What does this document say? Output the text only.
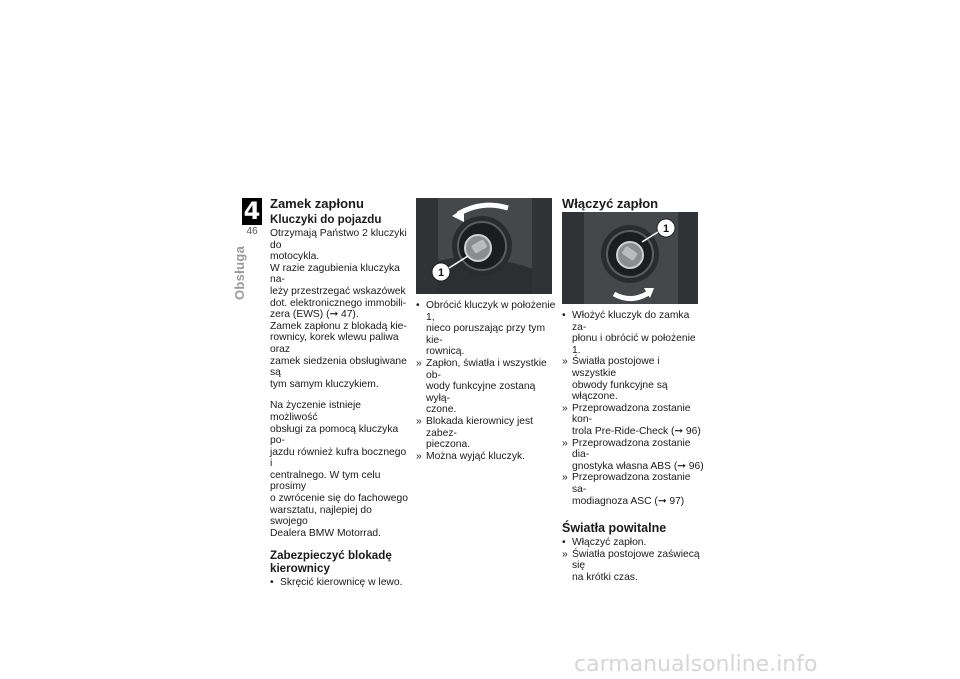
4
46
Obsługa
Zamek zapłonu
Kluczyki do pojazdu
Otrzymają Państwo 2 kluczyki do
motocykla.
W razie zagubienia kluczyka na-
leży przestrzegać wskazówek
dot. elektronicznego immobili-
zera (EWS) (➞ 47).
Zamek zapłonu z blokadą kie-
rownicy, korek wlewu paliwa oraz
zamek siedzenia obsługiwane są
tym samym kluczykiem.
Na życzenie istnieje możliwość
obsługi za pomocą kluczyka po-
jazdu również kufra bocznego i
centralnego. W tym celu prosimy
o zwrócenie się do fachowego
warsztatu, najlepiej do swojego
Dealera BMW Motorrad.
Zabezpieczyć blokadę
kierownicy
• Skręcić kierownicę w lewo.
1
• Obrócić kluczyk w położenie 1,
nieco poruszając przy tym kie-
rownicą.
» Zapłon, światła i wszystkie ob-
wody funkcyjne zostaną wyłą-
czone.
» Blokada kierownicy jest zabez-
pieczona.
» Można wyjąć kluczyk.
Włączyć zapłon
1
• Włożyć kluczyk do zamka za-
płonu i obrócić w położenie 1.
» Światła postojowe i wszystkie
obwody funkcyjne są włączone.
» Przeprowadzona zostanie kon-
trola Pre-Ride-Check (➞ 96)
» Przeprowadzona zostanie dia-
gnostyka własna ABS (➞ 96)
» Przeprowadzona zostanie sa-
modiagnoza ASC (➞ 97)
Światła powitalne
• Włączyć zapłon.
» Światła postojowe zaświecą się
na krótki czas.
carmanualsonline.info
